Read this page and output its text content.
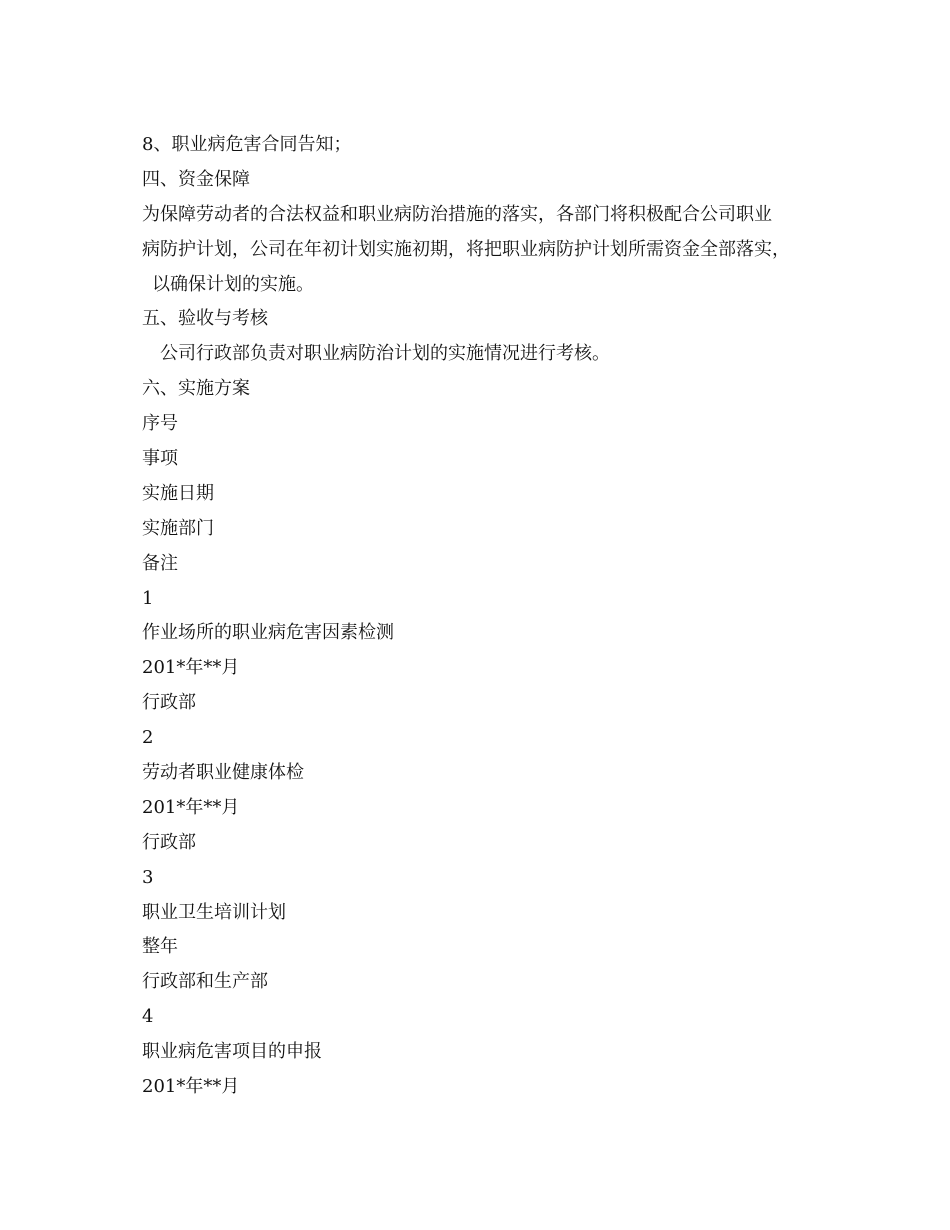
8、职业病危害合同告知；

四、资金保障

为保障劳动者的合法权益和职业病防治措施的落实，各部门将积极配合公司职业

病防护计划，公司在年初计划实施初期，将把职业病防护计划所需资金全部落实，

以确保计划的实施。

五、验收与考核

公司行政部负责对职业病防治计划的实施情况进行考核。

六、实施方案

序号

事项

实施日期

实施部门

备注

1

作业场所的职业病危害因素检测

201*年**月

行政部

2

劳动者职业健康体检

201*年**月

行政部

3

职业卫生培训计划

整年

行政部和生产部

4

职业病危害项目的申报

201*年**月
